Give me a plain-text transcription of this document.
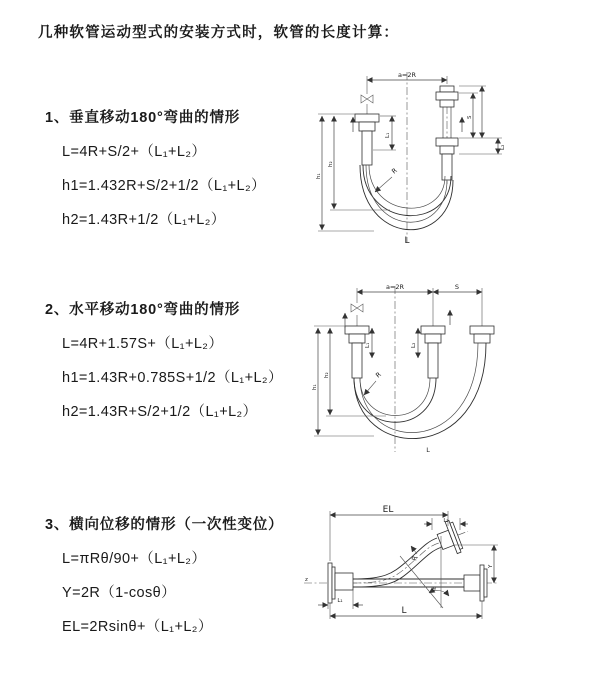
几种软管运动型式的安装方式时，软管的长度计算：
1、垂直移动180°弯曲的情形
L=4R+S/2+（L₁+L₂）
h1=1.432R+S/2+1/2（L₁+L₂）
h2=1.43R+1/2（L₁+L₂）
2、水平移动180°弯曲的情形
L=4R+1.57S+（L₁+L₂）
h1=1.43R+0.785S+1/2（L₁+L₂）
h2=1.43R+S/2+1/2（L₁+L₂）
3、横向位移的情形（一次性变位）
L=πRθ/90+（L₁+L₂）
Y=2R（1-cosθ）
EL=2Rsinθ+（L₁+L₂）
a=2R
L₁
h₁
h₂
S
L₂
R
L
a=2R	S
L₁	L₂
h₁
h₂	R
L
z
EL
L₂
Y
θ
R
L₁
L
